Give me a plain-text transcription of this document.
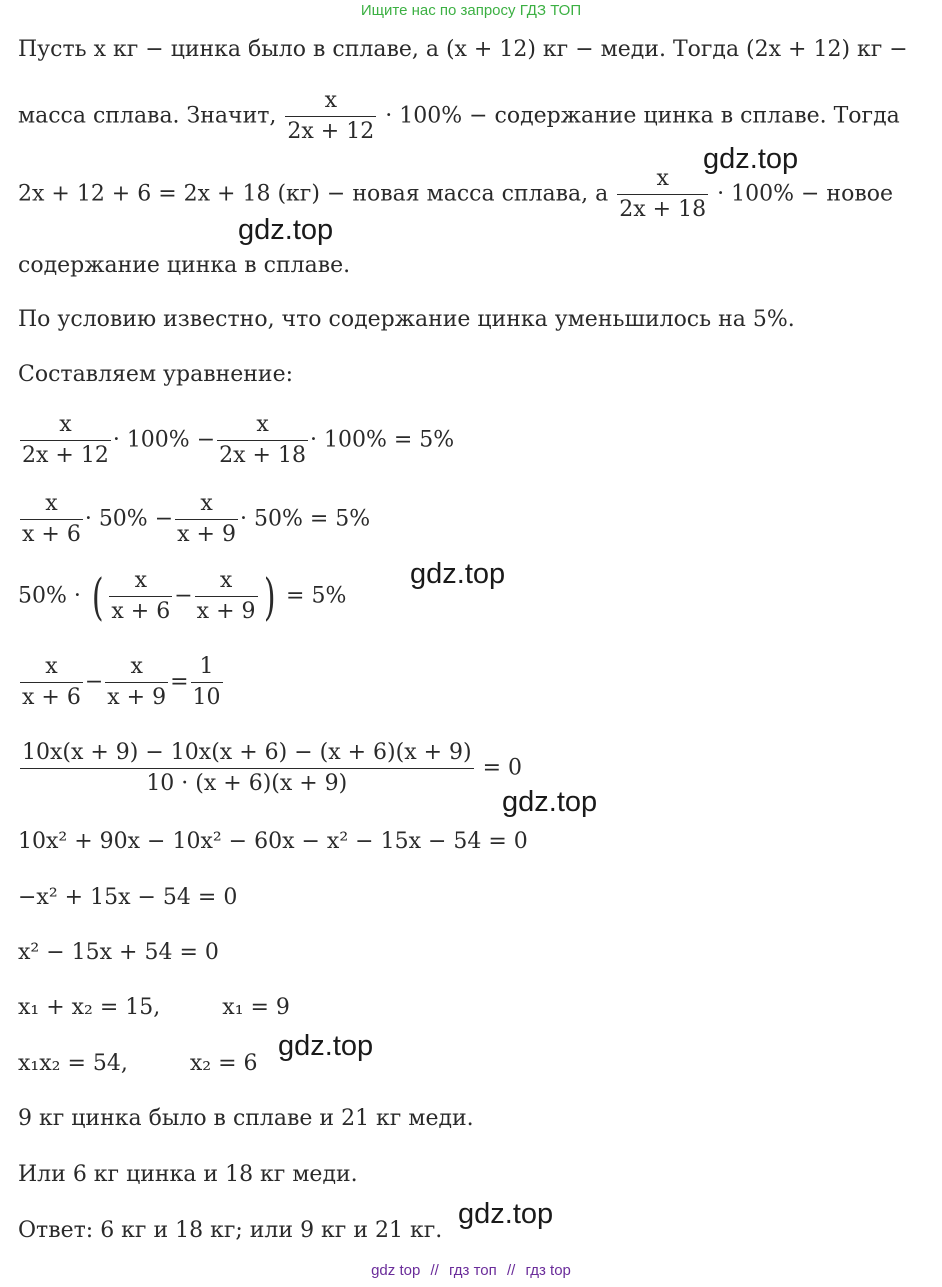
Ищите нас по запросу ГДЗ ТОП
Пусть x кг − цинка было в сплаве, а (x + 12) кг − меди. Тогда (2x + 12) кг −
масса сплава. Значит, $\frac{x}{2x + 12} \cdot 100\%$ − содержание цинка в сплаве. Тогда
2x + 12 + 6 = 2x + 18 (кг) − новая масса сплава, а $\frac{x}{2x + 18} \cdot 100\%$ − новое
содержание цинка в сплаве.
По условию известно, что содержание цинка уменьшилось на 5%.
Составляем уравнение:
$\frac{x}{2x + 12} \cdot 100\% - \frac{x}{2x + 18} \cdot 100\% = 5\%$
$\frac{x}{x + 6} \cdot 50\% - \frac{x}{x + 9} \cdot 50\% = 5\%$
50% · ( $\frac{x}{x + 6} - \frac{x}{x + 9}$ ) = 5%
$\frac{x}{x + 6} - \frac{x}{x + 9} = \frac{1}{10}$
$\frac{10x(x + 9) - 10x(x + 6) - (x + 6)(x + 9)}{10 \cdot (x + 6)(x + 9)} = 0$
10x² + 90x − 10x² − 60x − x² − 15x − 54 = 0
−x² + 15x − 54 = 0
x² − 15x + 54 = 0
x₁ + x₂ = 15,	x₁ = 9
x₁x₂ = 54,	x₂ = 6
9 кг цинка было в сплаве и 21 кг меди.
Или 6 кг цинка и 18 кг меди.
Ответ: 6 кг и 18 кг; или 9 кг и 21 кг.
gdz.top
gdz.top
gdz.top
gdz.top
gdz.top
gdz.top
gdz top // гдз топ // гдз top
